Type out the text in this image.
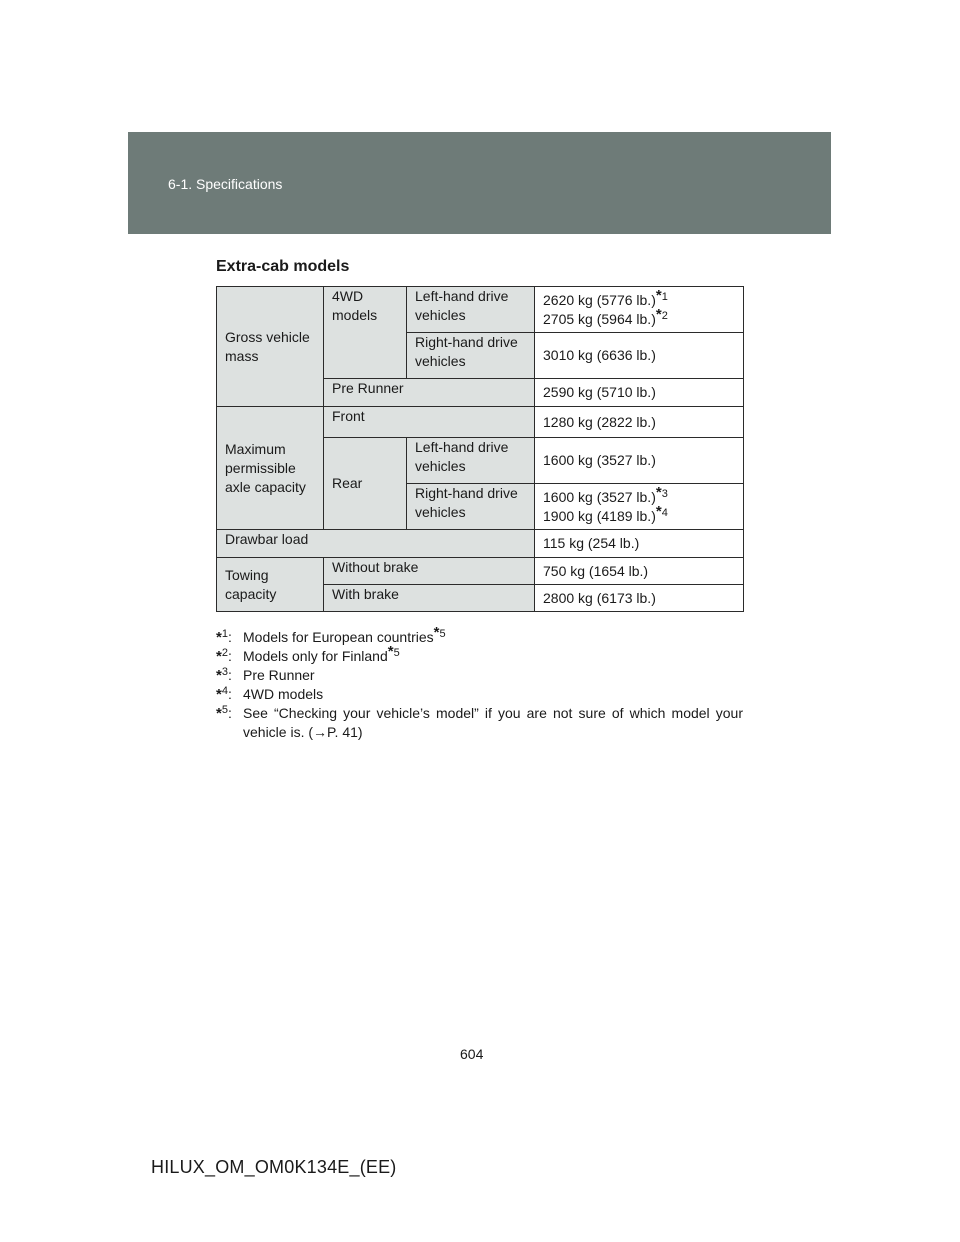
6-1. Specifications
Extra-cab models
Gross vehicle mass	4WD models	Left-hand drive vehicles	2620 kg (5776 lb.)$^{*1}$
2705 kg (5964 lb.)$^{*2}$
		Right-hand drive vehicles	3010 kg (6636 lb.)
	Pre Runner		2590 kg (5710 lb.)
Maximum permissible axle capacity	Front		1280 kg (2822 lb.)
	Rear	Left-hand drive vehicles	1600 kg (3527 lb.)
		Right-hand drive vehicles	1600 kg (3527 lb.)$^{*3}$
1900 kg (4189 lb.)$^{*4}$
Drawbar load			115 kg (254 lb.)
Towing capacity	Without brake		750 kg (1654 lb.)
	With brake		2800 kg (6173 lb.)
*$^1$: Models for European countries$^{*5}$
*$^2$: Models only for Finland$^{*5}$
*$^3$: Pre Runner
*$^4$: 4WD models
*$^5$: See “Checking your vehicle’s model” if you are not sure of which model your vehicle is. (→P. 41)
604
HILUX_OM_OM0K134E_(EE)
